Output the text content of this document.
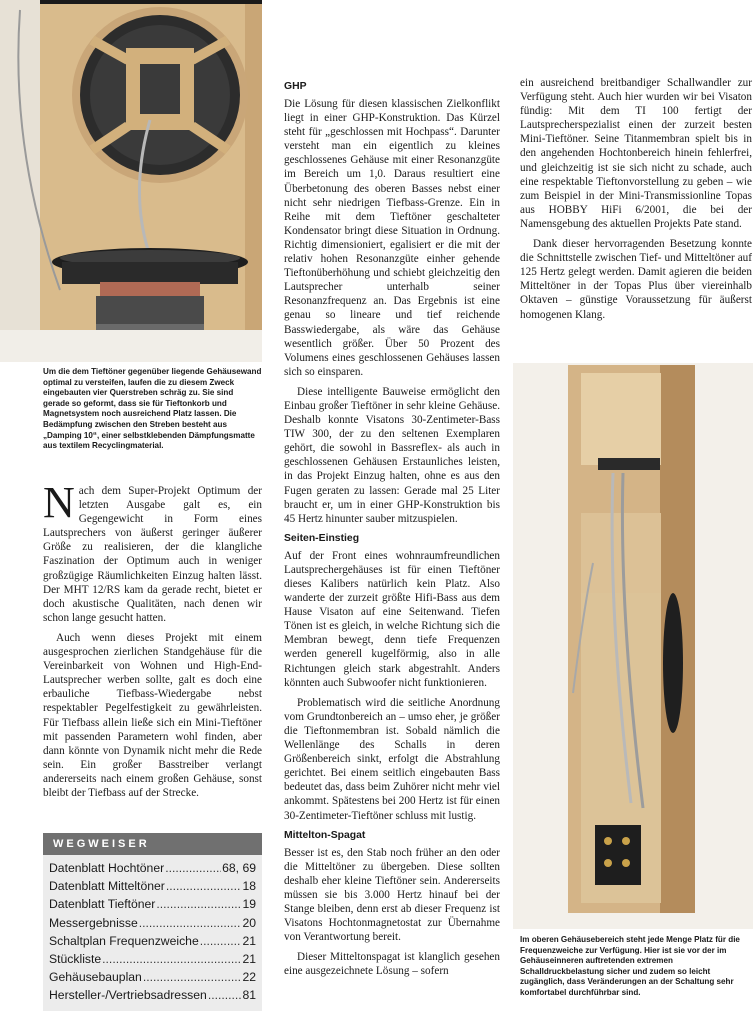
Um die dem Tieftöner gegenüber liegende Gehäusewand optimal zu versteifen, laufen die zu diesem Zweck eingebauten vier Querstreben schräg zu. Sie sind gerade so geformt, dass sie für Tieftonkorb und Magnetsystem noch ausreichend Platz lassen. Die Bedämpfung zwischen den Streben besteht aus „Damping 10“, einer selbstklebenden Dämpfungsmatte aus textilem Recyclingmaterial.
N ach dem Super-Projekt Optimum der letzten Ausgabe galt es, ein Gegengewicht in Form eines Lautsprechers von äußerst geringer äußerer Größe zu realisieren, der die klangliche Faszination der Optimum auch in weniger großzügige Räumlichkeiten Einzug halten lässt. Der MHT 12/RS kam da gerade recht, bietet er doch akustische Qualitäten, nach denen wir schon lange gesucht hatten.

Auch wenn dieses Projekt mit einem ausgesprochen zierlichen Standgehäuse für die Vereinbarkeit von Wohnen und High-End-Lautsprecher werben sollte, galt es doch eine erbauliche Tiefbass-Wiedergabe nebst respektabler Pegelfestigkeit zu gewährleisten. Für Tiefbass allein ließe sich ein Mini-Tieftöner mit passenden Parametern wohl finden, aber dann könnte von Dynamik nicht mehr die Rede sein. Ein großer Basstreiber verlangt andererseits nach einem großen Gehäuse, sonst bleibt der Tiefbass auf der Strecke.

WEGWEISER
Datenblatt Hochtöner .....	68, 69
Datenblatt Mitteltöner .....	18
Datenblatt Tieftöner .....	19
Messergebnisse .....	20
Schaltplan Frequenzweiche .....	21
Stückliste .....	21
Gehäusebauplan .....	22
Hersteller-/Vertriebsadressen .....	81
GHP

Die Lösung für diesen klassischen Zielkonflikt liegt in einer GHP-Konstruktion. Das Kürzel steht für „geschlossen mit Hochpass“. Darunter versteht man ein eigentlich zu kleines geschlossenes Gehäuse mit einer Resonanzgüte im Bereich um 1,0. Daraus resultiert eine Überbetonung des oberen Basses nebst einer nicht sehr niedrigen Tiefbass-Grenze. Ein in Reihe mit dem Tieftöner geschalteter Kondensator bringt diese Situation in Ordnung. Richtig dimensioniert, egalisiert er die mit der relativ hohen Resonanzgüte einher gehende Tieftonüberhöhung und schiebt gleichzeitig den Lautsprecher unterhalb seiner Resonanzfrequenz an. Das Ergebnis ist eine genau so lineare und tief reichende Basswiedergabe, als wäre das Gehäuse wesentlich größer. Über 50 Prozent des Volumens eines geschlossenen Gehäuses lassen sich so einsparen.

Diese intelligente Bauweise ermöglicht den Einbau großer Tieftöner in sehr kleine Gehäuse. Deshalb konnte Visatons 30-Zentimeter-Bass TIW 300, der zu den seltenen Exemplaren gehört, die sowohl in Bassreflex- als auch in geschlossenen Gehäusen Erstaunliches leisten, in das Projekt Einzug halten, ohne es aus den Fugen geraten zu lassen: Gerade mal 25 Liter braucht er, um in einer GHP-Konstruktion bis 45 Hertz hinunter sauber mitzuspielen.

Seiten-Einstieg

Auf der Front eines wohnraumfreundlichen Lautsprechergehäuses ist für einen Tieftöner dieses Kalibers natürlich kein Platz. Also wanderte der zurzeit größte Hifi-Bass aus dem Hause Visaton auf eine Seitenwand. Tiefen Tönen ist es gleich, in welche Richtung sich die Membran bewegt, denn tiefe Frequenzen werden generell kugelförmig, also in alle Richtungen gleich stark abgestrahlt. Anders könnten auch Subwoofer nicht funktionieren.

Problematisch wird die seitliche Anordnung vom Grundtonbereich an – umso eher, je größer die Tieftonmembran ist. Sobald nämlich die Wellenlänge des Schalls in deren Größenbereich sinkt, erfolgt die Abstrahlung gerichtet. Bei einem seitlich eingebauten Bass bedeutet das, dass beim Zuhörer nicht mehr viel ankommt. Spätestens bei 200 Hertz ist für einen 30-Zentimeter-Tieftöner schluss mit lustig.

Mittelton-Spagat

Besser ist es, den Stab noch früher an den oder die Mitteltöner zu übergeben. Diese sollten deshalb eher kleine Tieftöner sein. Andererseits müssen sie bis 3.000 Hertz hinauf bei der Stange bleiben, denn erst ab dieser Frequenz ist Visatons Hochtonmagnetostat zur Übernahme von Verantwortung bereit.

Dieser Mitteltonspagat ist klanglich gesehen eine ausgezeichnete Lösung – sofern

ein ausreichend breitbandiger Schallwandler zur Verfügung steht. Auch hier wurden wir bei Visaton fündig: Mit dem TI 100 fertigt der Lautsprecherspezialist einen der zurzeit besten Mini-Tieftöner. Seine Titanmembran spielt bis in den angehenden Hochtonbereich hinein fehlerfrei, und gleichzeitig ist sie sich nicht zu schade, auch eine respektable Tieftonvorstellung zu geben – wie zum Beispiel in der Mini-Transmissionline Topas aus HOBBY HiFi 6/2001, die bei der Namensgebung des aktuellen Projekts Pate stand.

Dank dieser hervorragenden Besetzung konnte die Schnittstelle zwischen Tief- und Mitteltöner auf 125 Hertz gelegt werden. Damit agieren die beiden Mitteltöner in der Topas Plus über viereinhalb Oktaven – günstige Voraussetzung für äußerst homogenen Klang.

Im oberen Gehäusebereich steht jede Menge Platz für die Frequenzweiche zur Verfügung. Hier ist sie vor der im Gehäuseinneren auftretenden extremen Schalldruckbelastung sicher und zudem so leicht zugänglich, dass Veränderungen an der Schaltung sehr komfortabel durchführbar sind.
